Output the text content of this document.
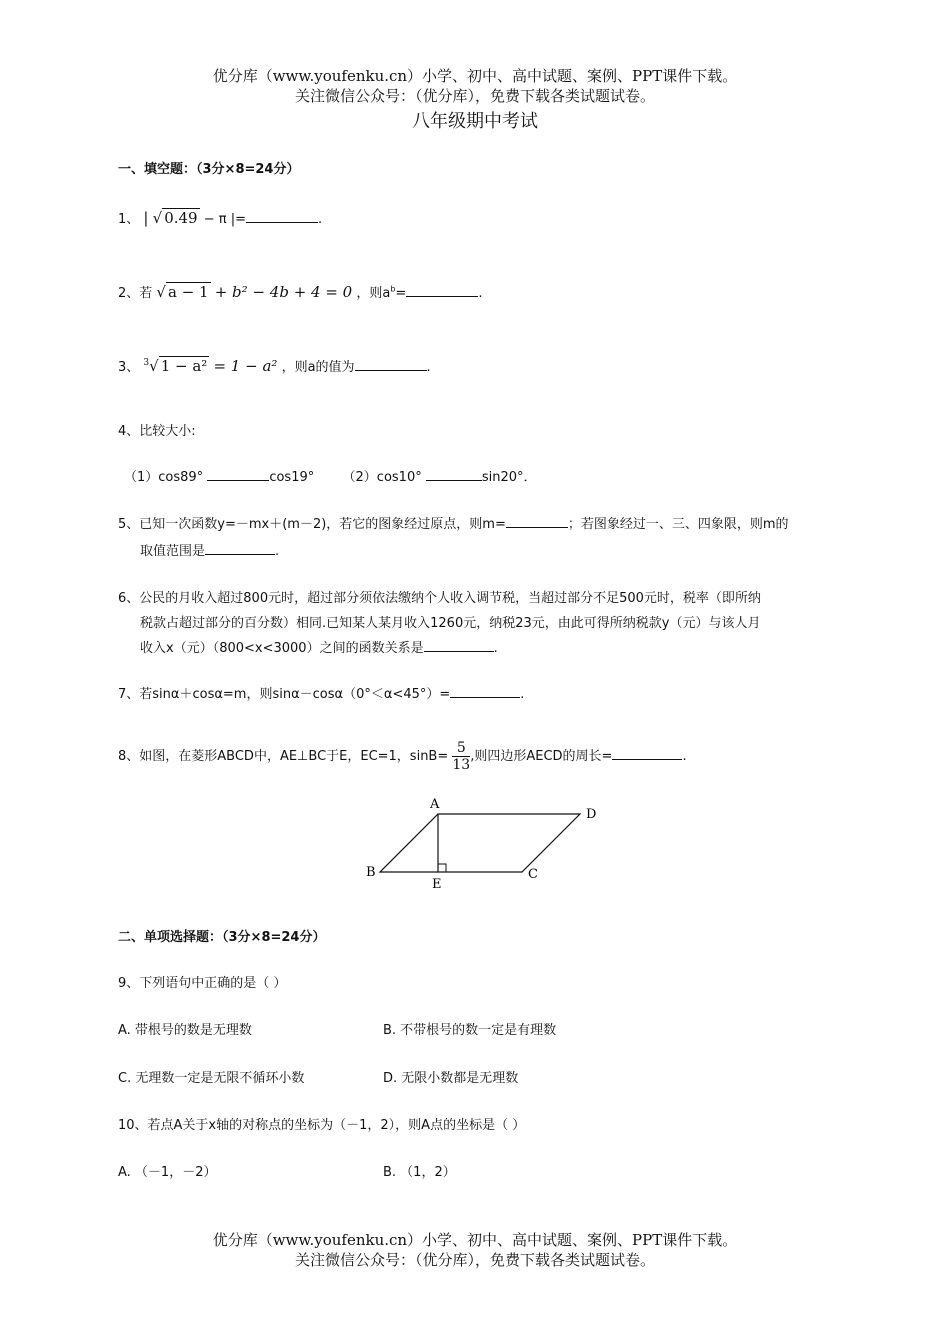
优分库（www.youfenku.cn）小学、初中、高中试题、案例、PPT课件下载。
关注微信公众号：（优分库），免费下载各类试题试卷。
八年级期中考试
一、填空题：（3分×8=24分）
1、 | √ 0.49 − π |=	.
2、若 √ a − 1 + b² − 4b + 4 = 0 ，则$a^b=$	.
3、 $^3$√ 1 − a² = 1 − a² ，则a的值为	.
4、比较大小:
（1）cos89°	cos19° （2）cos10°	sin20°．
5、已知一次函数y=－mx＋(m－2)，若它的图象经过原点，则m=	；若图象经过一、三、四象限，则m的
取值范围是	.
6、公民的月收入超过800元时，超过部分须依法缴纳个人收入调节税，当超过部分不足500元时，税率（即所纳
税款占超过部分的百分数）相同.已知某人某月收入1260元，纳税23元，由此可得所纳税款y（元）与该人月
收入x（元）（800<x<3000）之间的函数关系是	.
7、若sinα＋cosα=m，则sinα－cosα（0°＜α<45°）=	.
8、如图，在菱形ABCD中，AE⊥BC于E，EC=1，$\sin B= \frac{5}{13}$ ,则四边形AECD的周长=	.
A
D
B	C
E
二、单项选择题：（3分×8=24分）
9、下列语句中正确的是（ ）
A. 带根号的数是无理数	B. 不带根号的数一定是有理数
C. 无理数一定是无限不循环小数	D. 无限小数都是无理数
10、若点A关于x轴的对称点的坐标为（－1，2），则A点的坐标是（ ）
A. （－1，－2）	B. （1，2）
优分库（www.youfenku.cn）小学、初中、高中试题、案例、PPT课件下载。
关注微信公众号：（优分库），免费下载各类试题试卷。
